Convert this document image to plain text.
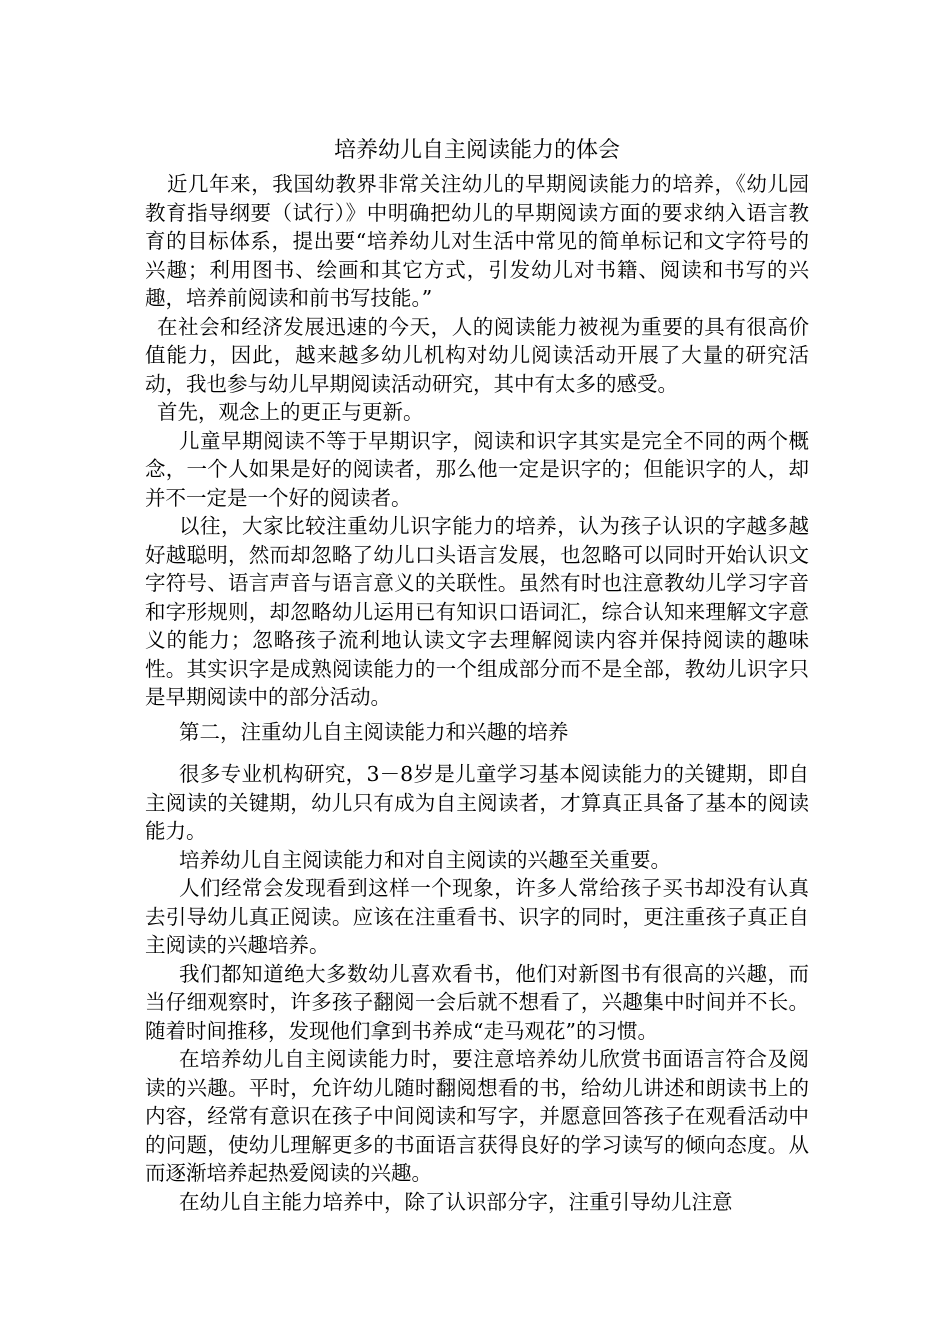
培养幼儿自主阅读能力的体会

近几年来，我国幼教界非常关注幼儿的早期阅读能力的培养，《幼儿园教育指导纲要（试行）》中明确把幼儿的早期阅读方面的要求纳入语言教育的目标体系，提出要“培养幼儿对生活中常见的简单标记和文字符号的兴趣；利用图书、绘画和其它方式，引发幼儿对书籍、阅读和书写的兴趣，培养前阅读和前书写技能。”

在社会和经济发展迅速的今天，人的阅读能力被视为重要的具有很高价值能力，因此，越来越多幼儿机构对幼儿阅读活动开展了大量的研究活动，我也参与幼儿早期阅读活动研究，其中有太多的感受。

首先，观念上的更正与更新。

儿童早期阅读不等于早期识字，阅读和识字其实是完全不同的两个概念，一个人如果是好的阅读者，那么他一定是识字的；但能识字的人，却并不一定是一个好的阅读者。

以往，大家比较注重幼儿识字能力的培养，认为孩子认识的字越多越好越聪明，然而却忽略了幼儿口头语言发展，也忽略可以同时开始认识文字符号、语言声音与语言意义的关联性。虽然有时也注意教幼儿学习字音和字形规则，却忽略幼儿运用已有知识口语词汇，综合认知来理解文字意义的能力；忽略孩子流利地认读文字去理解阅读内容并保持阅读的趣味性。其实识字是成熟阅读能力的一个组成部分而不是全部，教幼儿识字只是早期阅读中的部分活动。

第二，注重幼儿自主阅读能力和兴趣的培养

很多专业机构研究，3－8岁是儿童学习基本阅读能力的关键期，即自主阅读的关键期，幼儿只有成为自主阅读者，才算真正具备了基本的阅读能力。

培养幼儿自主阅读能力和对自主阅读的兴趣至关重要。

人们经常会发现看到这样一个现象，许多人常给孩子买书却没有认真去引导幼儿真正阅读。应该在注重看书、识字的同时，更注重孩子真正自主阅读的兴趣培养。

我们都知道绝大多数幼儿喜欢看书，他们对新图书有很高的兴趣，而当仔细观察时，许多孩子翻阅一会后就不想看了，兴趣集中时间并不长。随着时间推移，发现他们拿到书养成“走马观花”的习惯。

在培养幼儿自主阅读能力时，要注意培养幼儿欣赏书面语言符合及阅读的兴趣。平时，允许幼儿随时翻阅想看的书，给幼儿讲述和朗读书上的内容，经常有意识在孩子中间阅读和写字，并愿意回答孩子在观看活动中的问题，使幼儿理解更多的书面语言获得良好的学习读写的倾向态度。从而逐渐培养起热爱阅读的兴趣。

在幼儿自主能力培养中，除了认识部分字，注重引导幼儿注意
